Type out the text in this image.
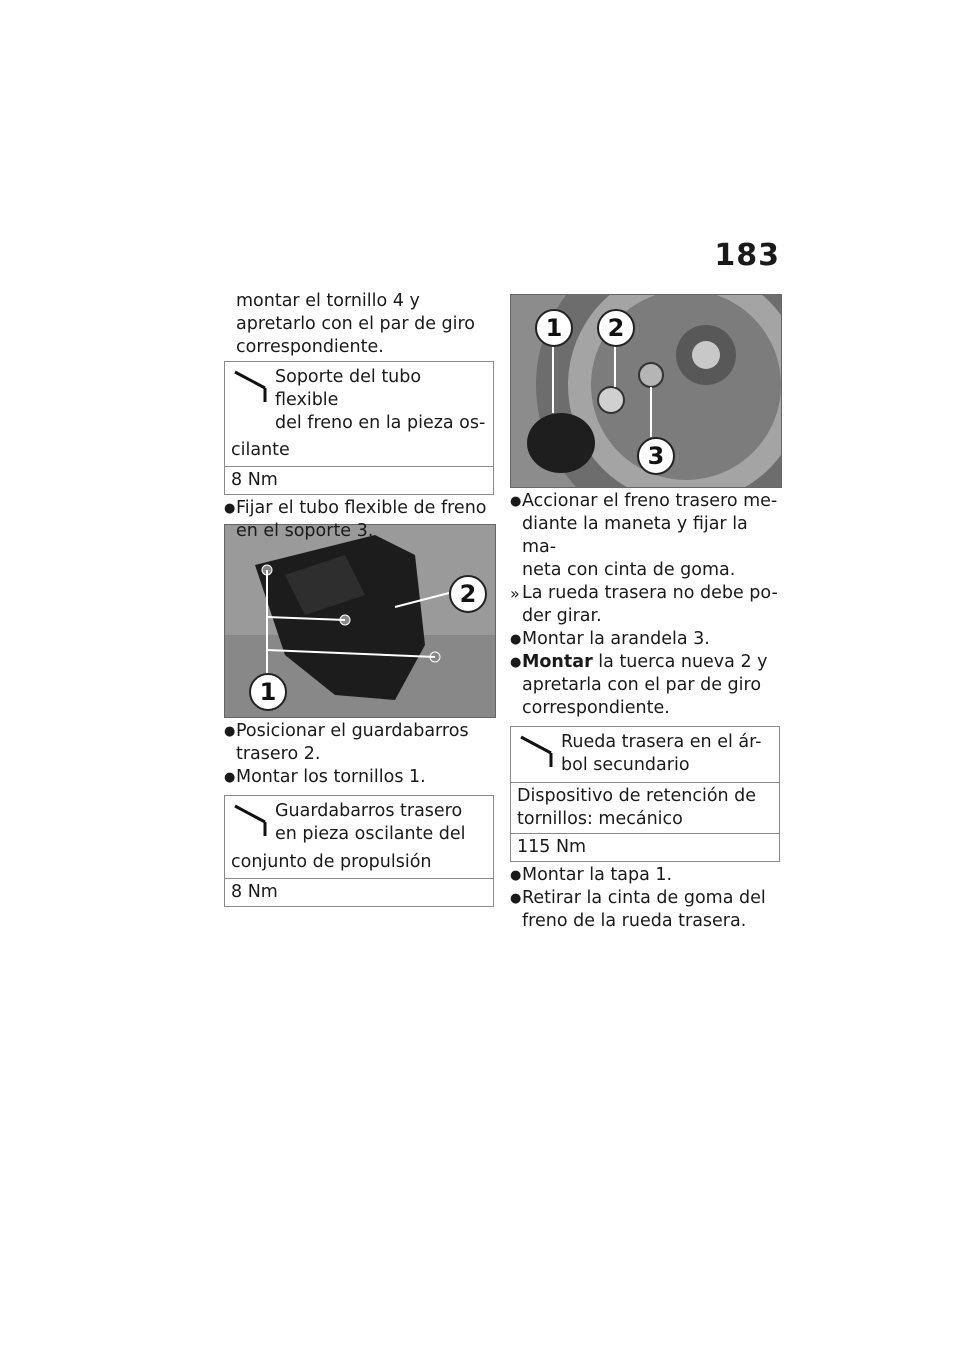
183
1	2
3
1
2
montar el tornillo 4 y
apretarlo con el par de giro
correspondiente.
Soporte del tubo flexible
del freno en la pieza os-
cilante
8 Nm
● Fijar el tubo flexible de freno
en el soporte 3.
● Posicionar el guardabarros
trasero 2.
● Montar los tornillos 1.
Guardabarros trasero
en pieza oscilante del
conjunto de propulsión
8 Nm
● Accionar el freno trasero me-
diante la maneta y fijar la ma-
neta con cinta de goma.
» La rueda trasera no debe po-
der girar.
● Montar la arandela 3.
● Montar la tuerca nueva 2 y
apretarla con el par de giro
correspondiente.
Rueda trasera en el ár-
bol secundario
Dispositivo de retención de
tornillos: mecánico
115 Nm
● Montar la tapa 1.
● Retirar la cinta de goma del
freno de la rueda trasera.
